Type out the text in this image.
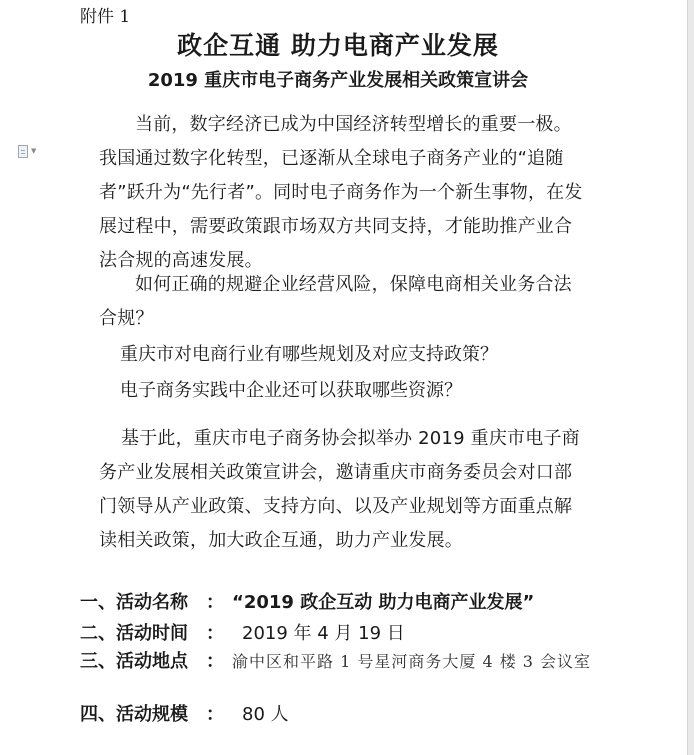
▼
附件 1
政企互通 助力电商产业发展
2019 重庆市电子商务产业发展相关政策宣讲会
当前，数字经济已成为中国经济转型增长的重要一极。我国通过数字化转型，已逐渐从全球电子商务产业的“追随者”跃升为“先行者”。同时电子商务作为一个新生事物，在发展过程中，需要政策跟市场双方共同支持，才能助推产业合法合规的高速发展。
如何正确的规避企业经营风险，保障电商相关业务合法合规？
重庆市对电商行业有哪些规划及对应支持政策？
电子商务实践中企业还可以获取哪些资源？
基于此，重庆市电子商务协会拟举办 2019 重庆市电子商务产业发展相关政策宣讲会，邀请重庆市商务委员会对口部门领导从产业政策、支持方向、以及产业规划等方面重点解读相关政策，加大政企互通，助力产业发展。
一、活动名称	： “2019 政企互动 助力电商产业发展”
二、活动时间	：	2019 年 4 月 19 日
三、活动地点	： 渝中区和平路 1 号星河商务大厦 4 楼 3 会议室
四、活动规模	：	80 人
